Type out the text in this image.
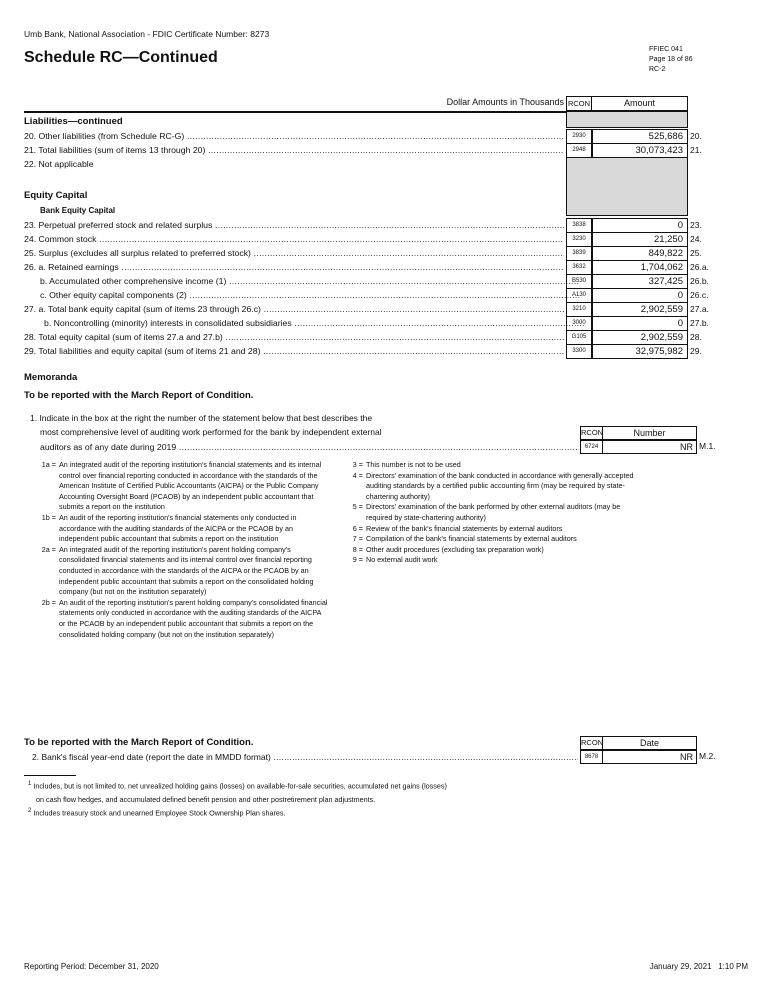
Umb Bank, National Association - FDIC Certificate Number: 8273
Schedule RC—Continued	FFIEC 041
Page 18 of 86
RC-2
Dollar Amounts in Thousands RCON	Amount
Liabilities—continued
20. Other liabilities (from Schedule RC-G) .....	2930	525,686 20.
21. Total liabilities (sum of items 13 through 20) .....	2948	30,073,423 21.
22. Not applicable
Equity Capital
Bank Equity Capital
23. Perpetual preferred stock and related surplus .....	3838	0 23.
24. Common stock .....	3230	21,250 24.
25. Surplus (excludes all surplus related to preferred stock) .....	3839	849,822 25.
26. a. Retained earnings .....	3632	1,704,062 26.a.
b. Accumulated other comprehensive income (1) .....	B530	327,425 26.b.
c. Other equity capital components (2) .....	A130	0 26.c.
27. a. Total bank equity capital (sum of items 23 through 26.c) .....	3210	2,902,559 27.a.
b. Noncontrolling (minority) interests in consolidated subsidiaries .....	3000	0 27.b.
28. Total equity capital (sum of items 27.a and 27.b) .....	G105	2,902,559 28.
29. Total liabilities and equity capital (sum of items 21 and 28) .....	3300	32,975,982 29.
Memoranda
To be reported with the March Report of Condition.
1. Indicate in the box at the right the number of the statement below that best describes the
most comprehensive level of auditing work performed for the bank by independent external
auditors as of any date during 2019 .....
RCON	Number
6724	NR M.1.
1a = An integrated audit of the reporting institution's financial statements and its internal control over financial reporting conducted in accordance with the standards of the American Institute of Certified Public Accountants (AICPA) or the Public Company Accounting Oversight Board (PCAOB) by an independent public accountant that submits a report on the institution
1b = An audit of the reporting institution's financial statements only conducted in accordance with the auditing standards of the AICPA or the PCAOB by an independent public accountant that submits a report on the institution
2a = An integrated audit of the reporting institution's parent holding company's consolidated financial statements and its internal control over financial reporting conducted in accordance with the standards of the AICPA or the PCAOB by an independent public accountant that submits a report on the consolidated holding company (but not on the institution separately)
2b = An audit of the reporting institution's parent holding company's consolidated financial statements only conducted in accordance with the auditing standards of the AICPA or the PCAOB by an independent public accountant that submits a report on the consolidated holding company (but not on the institution separately)
3 = This number is not to be used
4 = Directors' examination of the bank conducted in accordance with generally accepted auditing standards by a certified public accounting firm (may be required by state-chartering authority)
5 = Directors' examination of the bank performed by other external auditors (may be required by state-chartering authority)
6 = Review of the bank's financial statements by external auditors
7 = Compilation of the bank's financial statements by external auditors
8 = Other audit procedures (excluding tax preparation work)
9 = No external audit work
To be reported with the March Report of Condition.
2. Bank's fiscal year-end date (report the date in MMDD format) .....
RCON	Date
8678	NR M.2.
$^1$ Includes, but is not limited to, net unrealized holding gains (losses) on available-for-sale securities, accumulated net gains (losses)
on cash flow hedges, and accumulated defined benefit pension and other postretirement plan adjustments.
$^2$ Includes treasury stock and unearned Employee Stock Ownership Plan shares.
Reporting Period: December 31, 2020	January 29, 2021   1:10 PM
